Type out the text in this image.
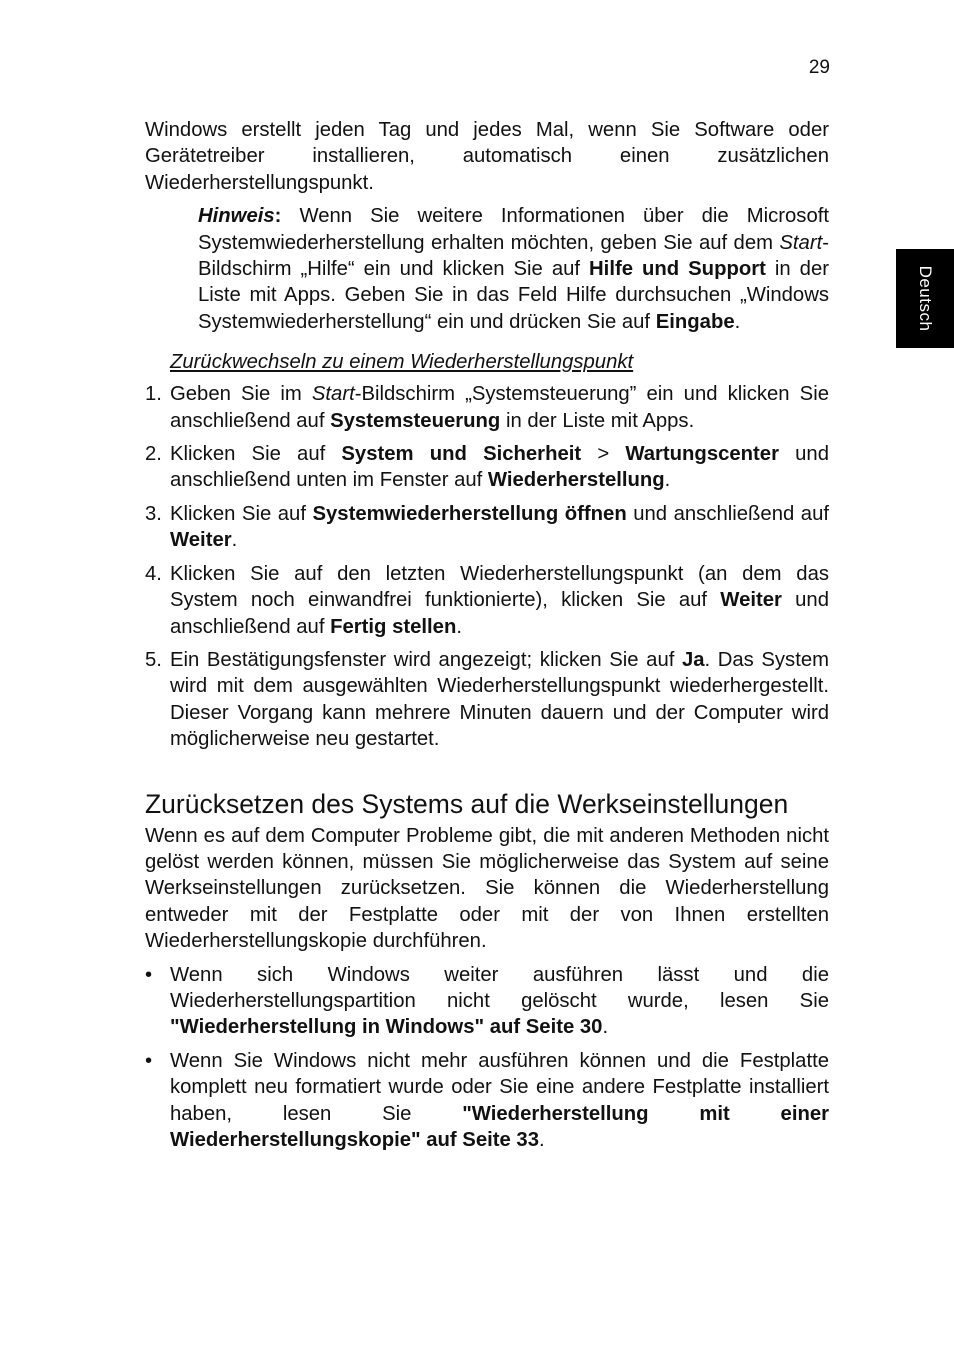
29
Deutsch

Windows erstellt jeden Tag und jedes Mal, wenn Sie Software oder Gerätetreiber installieren, automatisch einen zusätzlichen Wiederherstellungspunkt.

Hinweis: Wenn Sie weitere Informationen über die Microsoft Systemwiederherstellung erhalten möchten, geben Sie auf dem Start-Bildschirm „Hilfe“ ein und klicken Sie auf Hilfe und Support in der Liste mit Apps. Geben Sie in das Feld Hilfe durchsuchen „Windows Systemwiederherstellung“ ein und drücken Sie auf Eingabe.

Zurückwechseln zu einem Wiederherstellungspunkt

1. Geben Sie im Start-Bildschirm „Systemsteuerung” ein und klicken Sie anschließend auf Systemsteuerung in der Liste mit Apps.

2. Klicken Sie auf System und Sicherheit > Wartungscenter und anschließend unten im Fenster auf Wiederherstellung.

3. Klicken Sie auf Systemwiederherstellung öffnen und anschließend auf Weiter.

4. Klicken Sie auf den letzten Wiederherstellungspunkt (an dem das System noch einwandfrei funktionierte), klicken Sie auf Weiter und anschließend auf Fertig stellen.

5. Ein Bestätigungsfenster wird angezeigt; klicken Sie auf Ja. Das System wird mit dem ausgewählten Wiederherstellungspunkt wiederhergestellt. Dieser Vorgang kann mehrere Minuten dauern und der Computer wird möglicherweise neu gestartet.

Zurücksetzen des Systems auf die Werkseinstellungen

Wenn es auf dem Computer Probleme gibt, die mit anderen Methoden nicht gelöst werden können, müssen Sie möglicherweise das System auf seine Werkseinstellungen zurücksetzen. Sie können die Wiederherstellung entweder mit der Festplatte oder mit der von Ihnen erstellten Wiederherstellungskopie durchführen.

• Wenn sich Windows weiter ausführen lässt und die Wiederherstellungspartition nicht gelöscht wurde, lesen Sie "Wiederherstellung in Windows" auf Seite 30.

• Wenn Sie Windows nicht mehr ausführen können und die Festplatte komplett neu formatiert wurde oder Sie eine andere Festplatte installiert haben, lesen Sie "Wiederherstellung mit einer Wiederherstellungskopie" auf Seite 33.
